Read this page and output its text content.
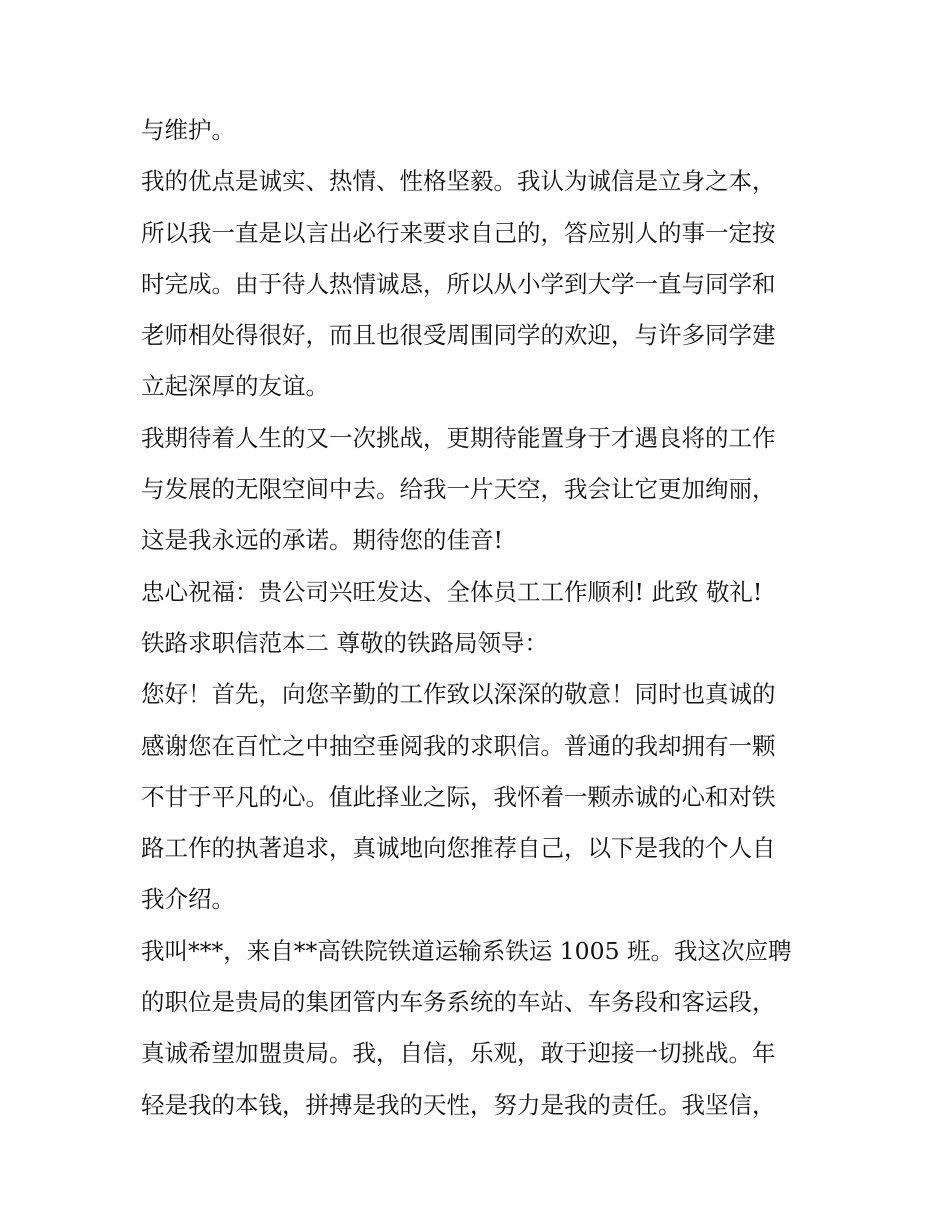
与维护。
我的优点是诚实、热情、性格坚毅。我认为诚信是立身之本，
所以我一直是以言出必行来要求自己的，答应别人的事一定按
时完成。由于待人热情诚恳，所以从小学到大学一直与同学和
老师相处得很好，而且也很受周围同学的欢迎，与许多同学建
立起深厚的友谊。
我期待着人生的又一次挑战，更期待能置身于才遇良将的工作
与发展的无限空间中去。给我一片天空，我会让它更加绚丽，
这是我永远的承诺。期待您的佳音!
忠心祝福：贵公司兴旺发达、全体员工工作顺利! 此致 敬礼!
铁路求职信范本二 尊敬的铁路局领导：
您好！首先，向您辛勤的工作致以深深的敬意！同时也真诚的
感谢您在百忙之中抽空垂阅我的求职信。普通的我却拥有一颗
不甘于平凡的心。值此择业之际，我怀着一颗赤诚的心和对铁
路工作的执著追求，真诚地向您推荐自己，以下是我的个人自
我介绍。
我叫***，来自**高铁院铁道运输系铁运 1005 班。我这次应聘
的职位是贵局的集团管内车务系统的车站、车务段和客运段，
真诚希望加盟贵局。我，自信，乐观，敢于迎接一切挑战。年
轻是我的本钱，拼搏是我的天性，努力是我的责任。我坚信，
